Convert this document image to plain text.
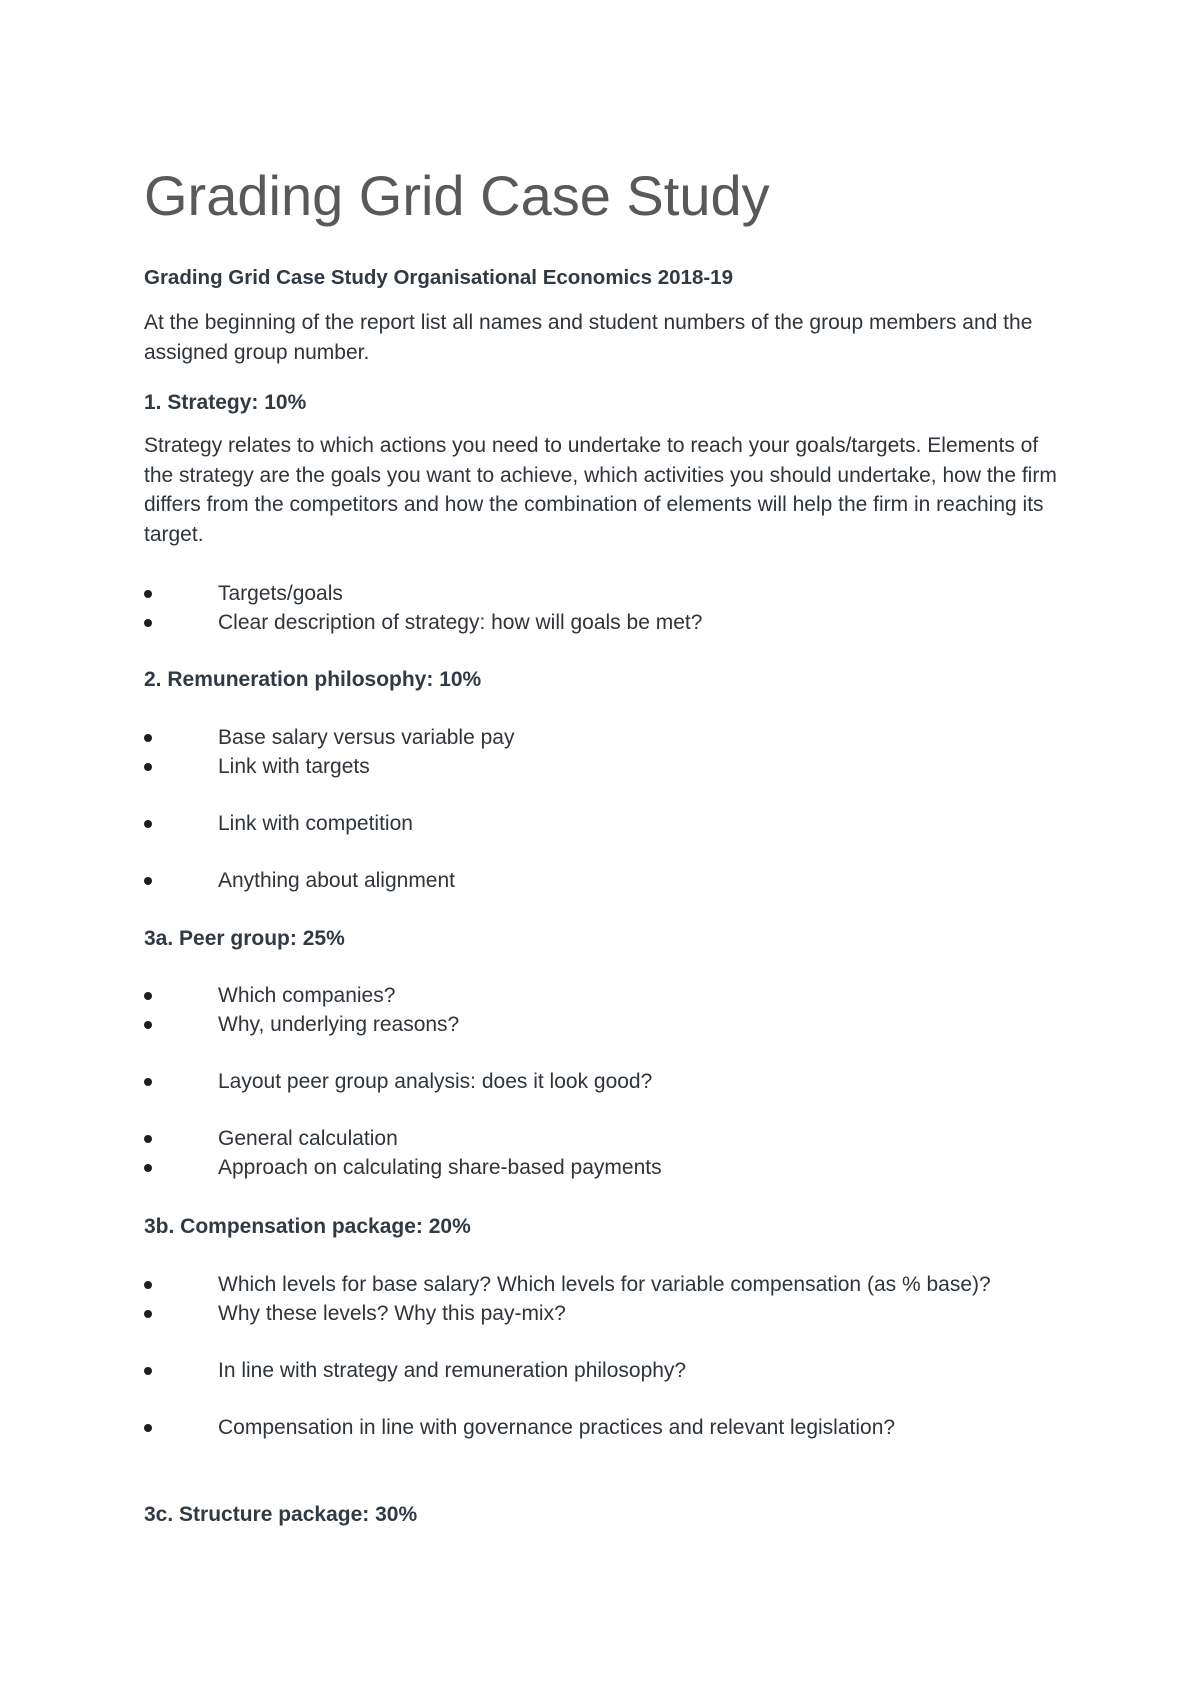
Grading Grid Case Study
Grading Grid Case Study Organisational Economics 2018-19

At the beginning of the report list all names and student numbers of the group members and the assigned group number.

1. Strategy: 10%

Strategy relates to which actions you need to undertake to reach your goals/targets. Elements of the strategy are the goals you want to achieve, which activities you should undertake, how the firm differs from the competitors and how the combination of elements will help the firm in reaching its target.

Targets/goals
Clear description of strategy: how will goals be met?
2. Remuneration philosophy: 10%
Base salary versus variable pay
Link with targets
Link with competition
Anything about alignment
3a. Peer group: 25%
Which companies?
Why, underlying reasons?
Layout peer group analysis: does it look good?
General calculation
Approach on calculating share-based payments
3b. Compensation package: 20%
Which levels for base salary? Which levels for variable compensation (as % base)?
Why these levels? Why this pay-mix?
In line with strategy and remuneration philosophy?
Compensation in line with governance practices and relevant legislation?
3c. Structure package: 30%
